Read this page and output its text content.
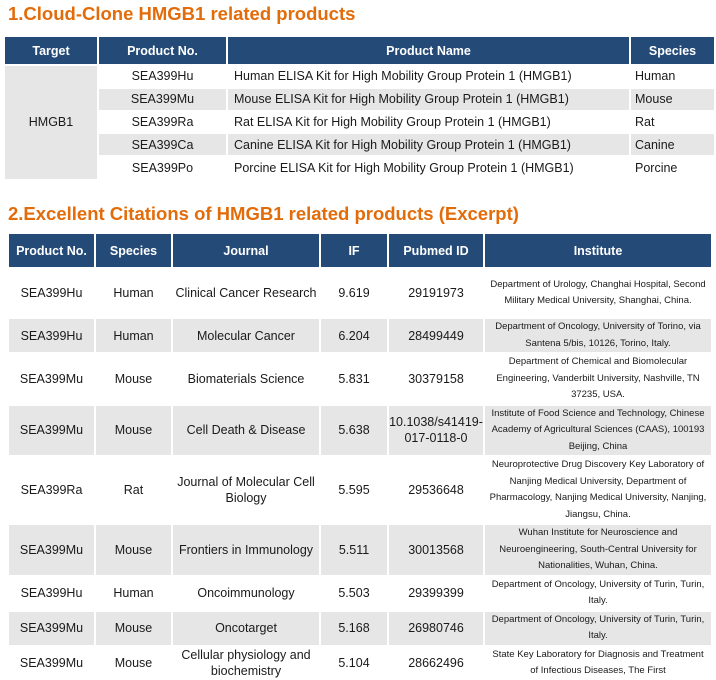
1.Cloud-Clone HMGB1 related products
Target	Product No.	Product Name	Species
HMGB1	SEA399Hu	Human ELISA Kit for High Mobility Group Protein 1 (HMGB1)	Human
	SEA399Mu	Mouse ELISA Kit for High Mobility Group Protein 1 (HMGB1)	Mouse
	SEA399Ra	Rat ELISA Kit for High Mobility Group Protein 1 (HMGB1)	Rat
	SEA399Ca	Canine ELISA Kit for High Mobility Group Protein 1 (HMGB1)	Canine
	SEA399Po	Porcine ELISA Kit for High Mobility Group Protein 1 (HMGB1)	Porcine
2.Excellent Citations of HMGB1 related products (Excerpt)
Product No.	Species	Journal	IF	Pubmed ID	Institute
SEA399Hu	Human	Clinical Cancer Research	9.619	29191973	Department of Urology, Changhai Hospital, Second Military Medical University, Shanghai, China.
SEA399Hu	Human	Molecular Cancer	6.204	28499449	Department of Oncology, University of Torino, via Santena 5/bis, 10126, Torino, Italy.
SEA399Mu	Mouse	Biomaterials Science	5.831	30379158	Department of Chemical and Biomolecular Engineering, Vanderbilt University, Nashville, TN 37235, USA.
SEA399Mu	Mouse	Cell Death & Disease	5.638	10.1038/s41419-017-0118-0	Institute of Food Science and Technology, Chinese Academy of Agricultural Sciences (CAAS), 100193 Beijing, China
SEA399Ra	Rat	Journal of Molecular Cell Biology	5.595	29536648	Neuroprotective Drug Discovery Key Laboratory of Nanjing Medical University, Department of Pharmacology, Nanjing Medical University, Nanjing, Jiangsu, China.
SEA399Mu	Mouse	Frontiers in Immunology	5.511	30013568	Wuhan Institute for Neuroscience and Neuroengineering, South-Central University for Nationalities, Wuhan, China.
SEA399Hu	Human	Oncoimmunology	5.503	29399399	Department of Oncology, University of Turin, Turin, Italy.
SEA399Mu	Mouse	Oncotarget	5.168	26980746	Department of Oncology, University of Turin, Turin, Italy.
SEA399Mu	Mouse	Cellular physiology and biochemistry	5.104	28662496	State Key Laboratory for Diagnosis and Treatment of Infectious Diseases, The First
